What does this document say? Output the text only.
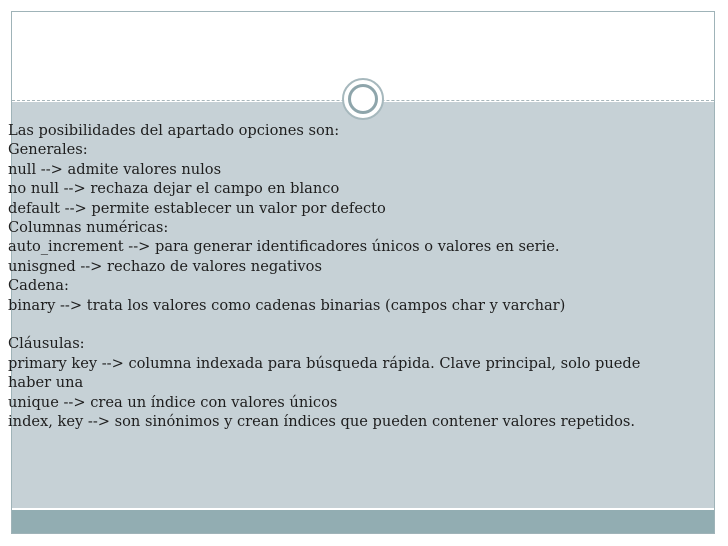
Las posibilidades del apartado opciones son:
Generales:
null --> admite valores nulos
no null --> rechaza dejar el campo en blanco
default --> permite establecer un valor por defecto
Columnas numéricas:
auto_increment --> para generar identificadores únicos o valores en serie.
unisgned --> rechazo de valores negativos
Cadena:
binary --> trata los valores como cadenas binarias (campos char y varchar)
Cláusulas:
primary key --> columna indexada para búsqueda rápida. Clave principal, solo puede
haber una
unique --> crea un índice con valores únicos
index, key --> son sinónimos y crean índices que pueden contener valores repetidos.
